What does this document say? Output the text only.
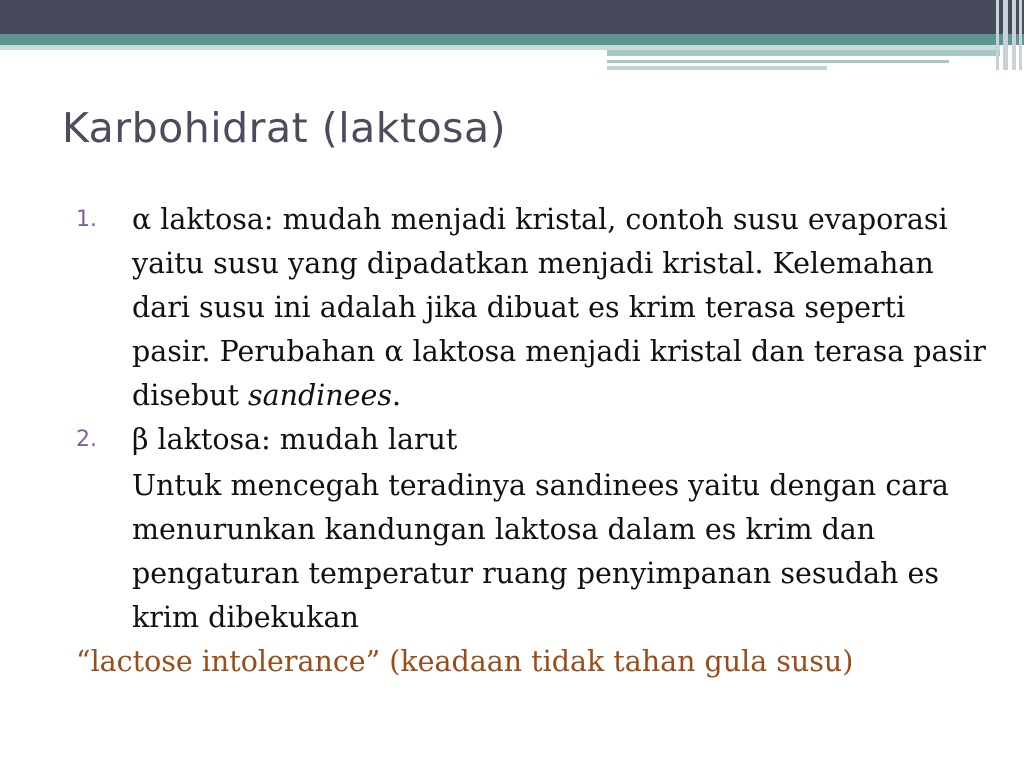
Karbohidrat (laktosa)
1. α laktosa: mudah menjadi kristal, contoh susu evaporasi yaitu susu yang dipadatkan menjadi kristal. Kelemahan dari susu ini adalah jika dibuat es krim terasa seperti pasir. Perubahan α laktosa menjadi kristal dan terasa pasir disebut sandinees.
2. β laktosa: mudah larut
Untuk mencegah teradinya sandinees yaitu dengan cara menurunkan kandungan laktosa dalam es krim dan pengaturan temperatur ruang penyimpanan sesudah es krim dibekukan
“lactose intolerance” (keadaan tidak tahan gula susu)
